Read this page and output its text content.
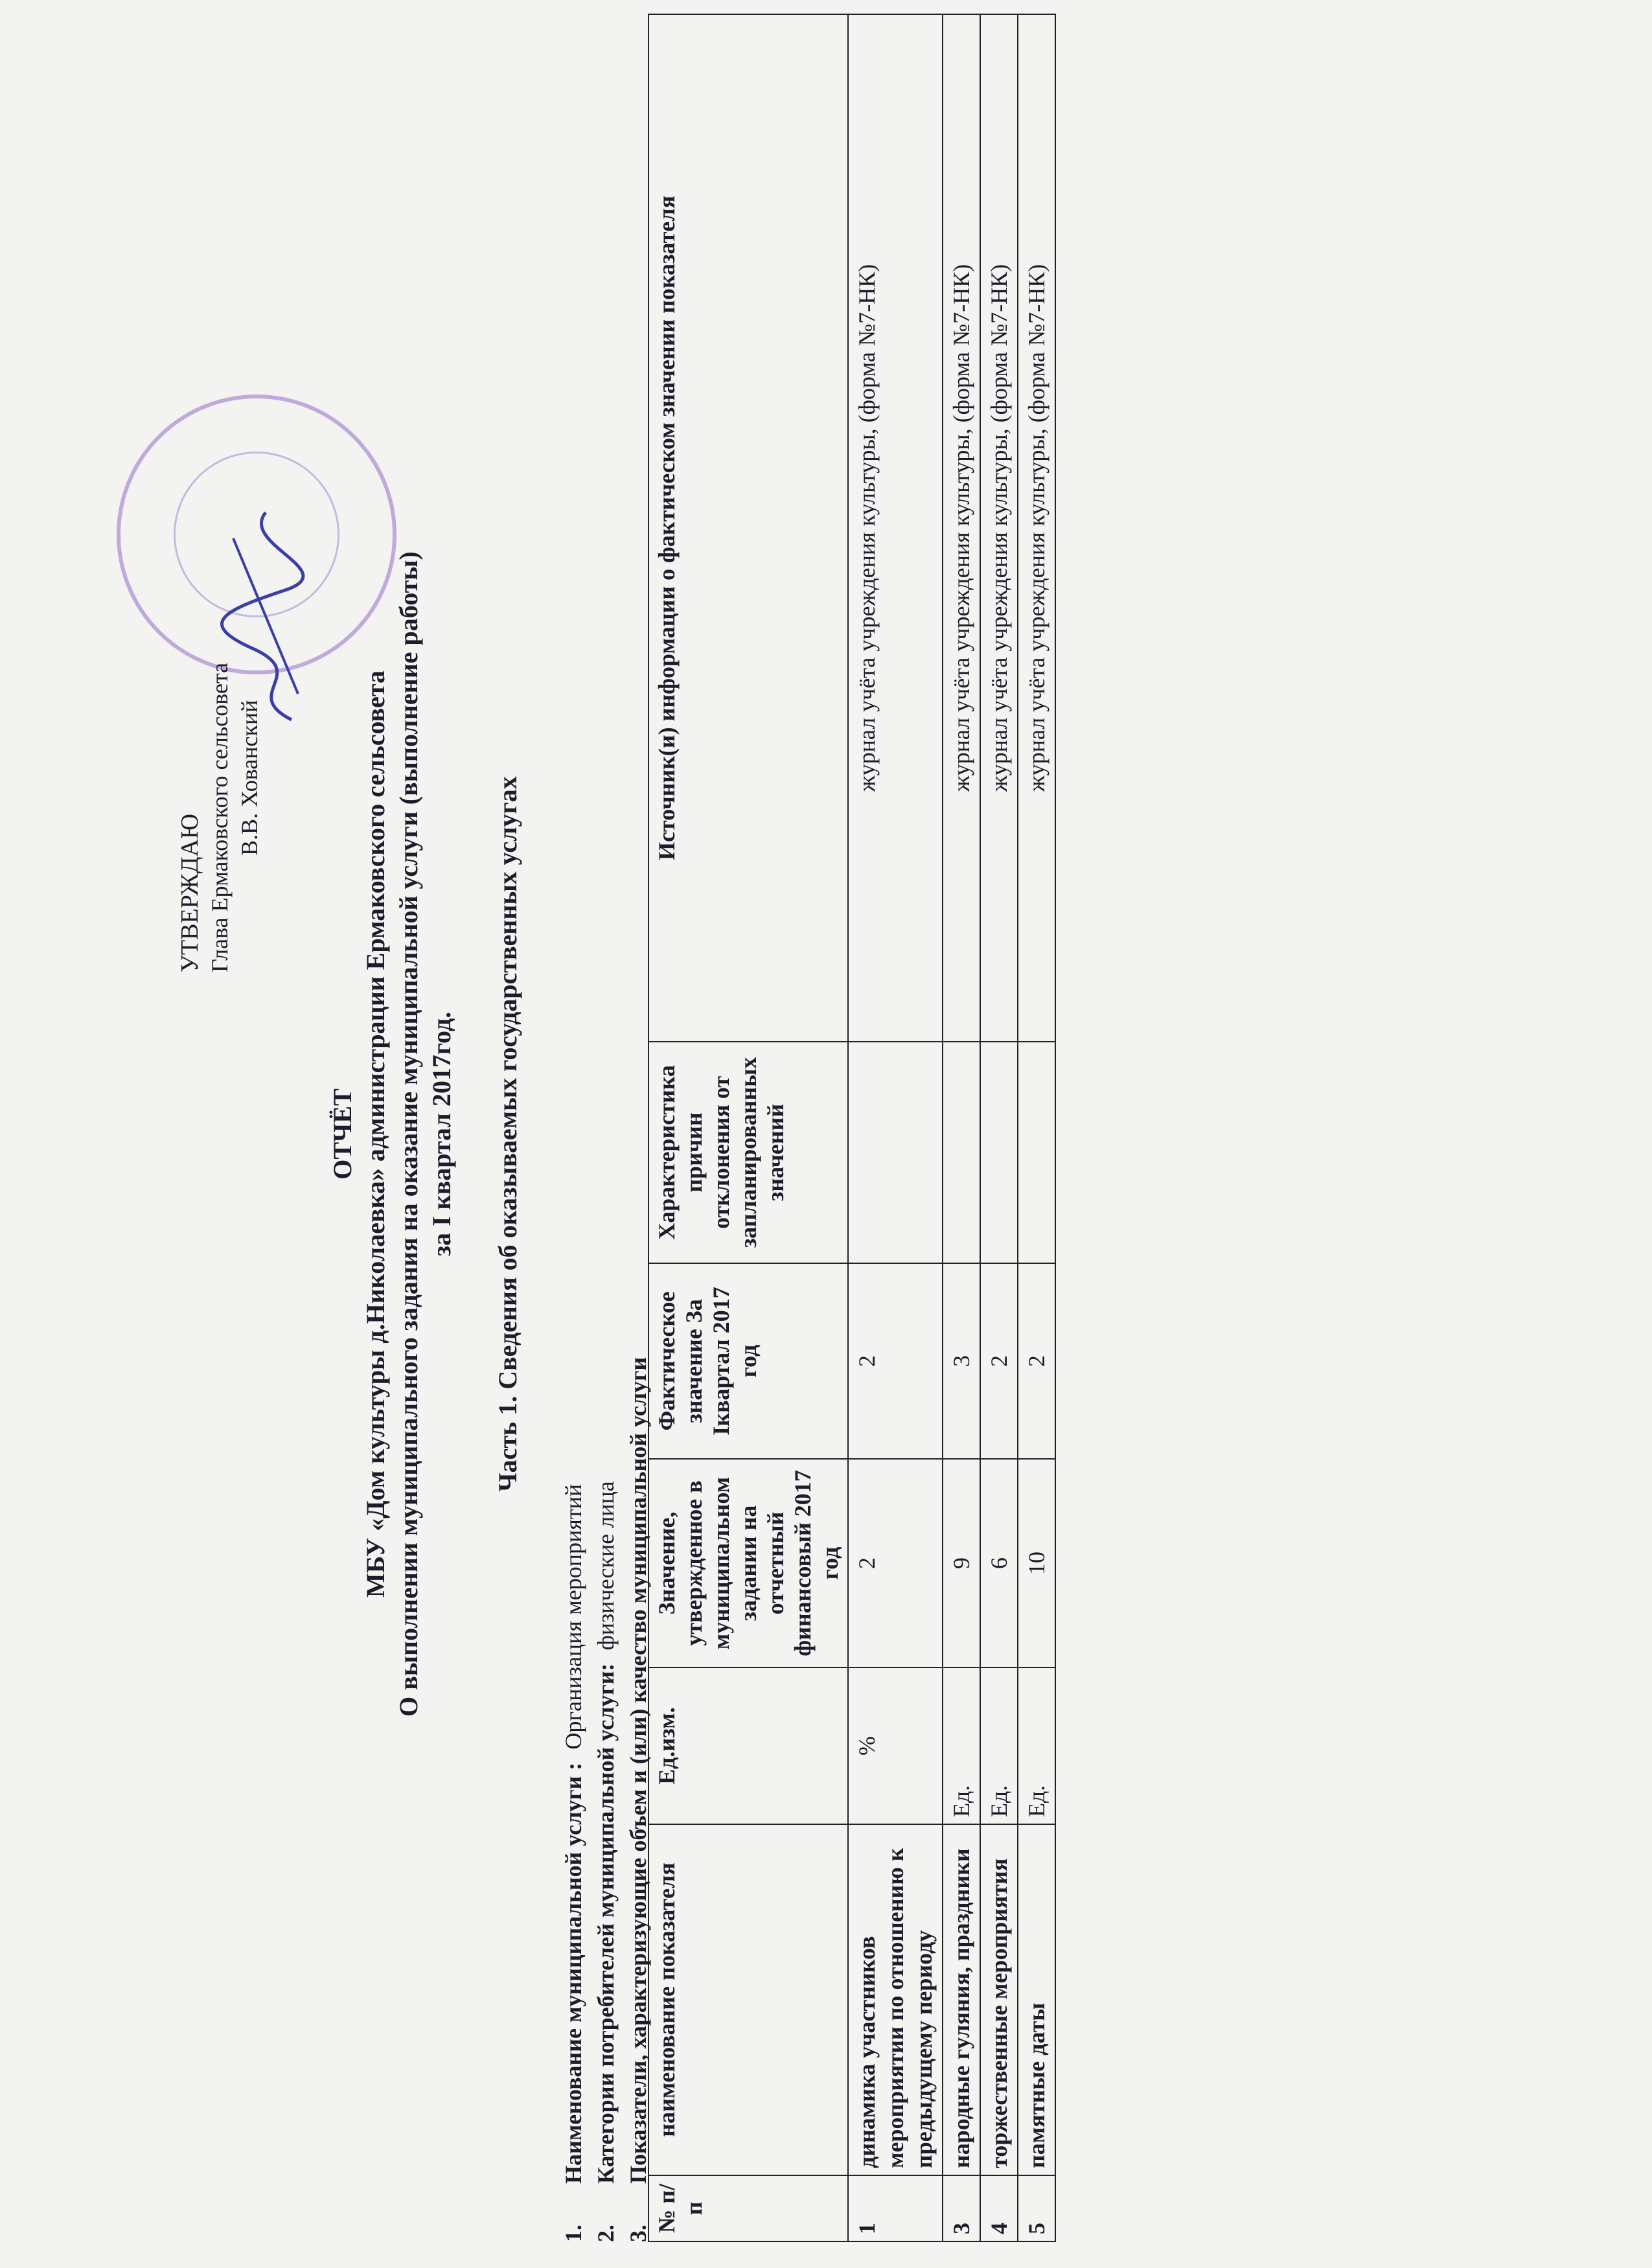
УТВЕРЖДАЮ Глава Ермаковского сельсовета В.В. Хованский
ОТЧЁТ МБУ «Дом культуры д.Николаевка» администрации Ермаковского сельсовета О выполнении муниципального задания на оказание муниципальной услуги (выполнение работы) за I квартал 2017год. Часть 1. Сведения об оказываемых государственных услугах
1.
Наименование муниципальной услуги :
Организация мероприятий
2.
Категории потребителей муниципальной услуги:
физические лица
3.
Показатели, характеризующие объем и (или) качество муниципальной услуги
№ п/п	наименование показателя	Ед.изм.	Значение, утвержденное в муниципальном задании на отчетный финансовый 2017 год	Фактическое значение За Iквартал 2017 год	Характеристика причин отклонения от запланированных значений	Источник(и) информации о фактическом значении показателя
1	динамика участников мероприятии по отношению к предыдущему периоду	%	2	2		журнал учёта учреждения культуры, (форма №7-НК)
3	народные гуляния, праздники	Ед.	9	3		журнал учёта учреждения культуры, (форма №7-НК)
4	торжественные мероприятия	Ед.	6	2		журнал учёта учреждения культуры, (форма №7-НК)
5	памятные даты	Ед.	10	2		журнал учёта учреждения культуры, (форма №7-НК)
